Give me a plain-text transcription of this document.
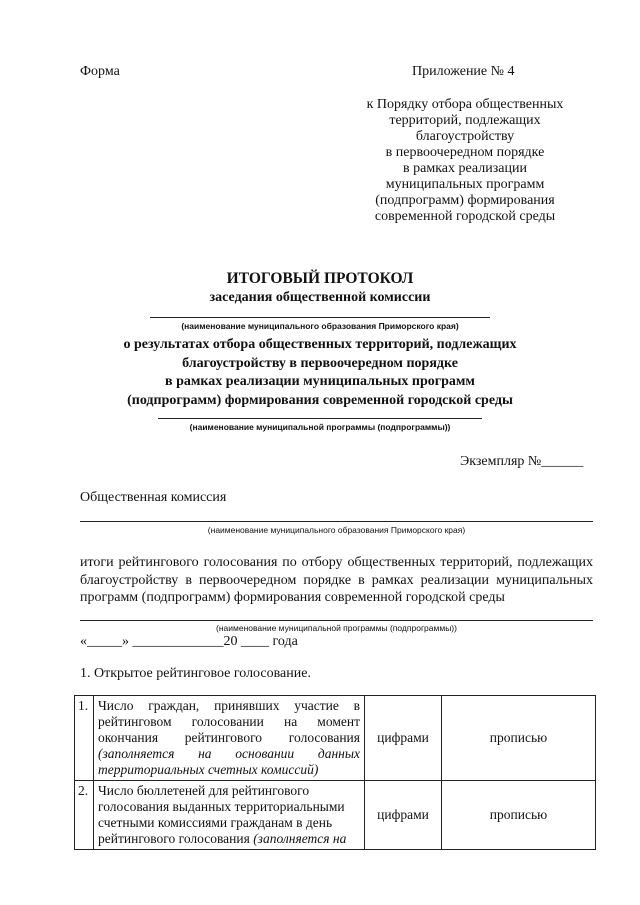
Форма	Приложение № 4
к Порядку отбора общественных
территорий, подлежащих
благоустройству
в первоочередном порядке
в рамках реализации
муниципальных программ
(подпрограмм) формирования
современной городской среды
ИТОГОВЫЙ ПРОТОКОЛ
заседания общественной комиссии
(наименование муниципального образования Приморского края)
о результатах отбора общественных территорий, подлежащих
благоустройству в первоочередном порядке
в рамках реализации муниципальных программ
(подпрограмм) формирования современной городской среды
(наименование муниципальной программы (подпрограммы))
Экземпляр №______
Общественная комиссия
(наименование муниципального образования Приморского края)
итоги рейтингового голосования по отбору общественных территорий, подлежащих благоустройству в первоочередном порядке в рамках реализации муниципальных программ (подпрограмм) формирования современной городской среды
(наименование муниципальной программы (подпрограммы))
«_____» _____________20 ____ года
1. Открытое рейтинговое голосование.
1.	Число граждан, принявших участие в рейтинговом голосовании на момент окончания рейтингового голосования (заполняется на основании данных территориальных счетных комиссий)	цифрами	прописью
2.	Число бюллетеней для рейтингового голосования выданных территориальными счетными комиссиями гражданам в день рейтингового голосования (заполняется на	цифрами	прописью
